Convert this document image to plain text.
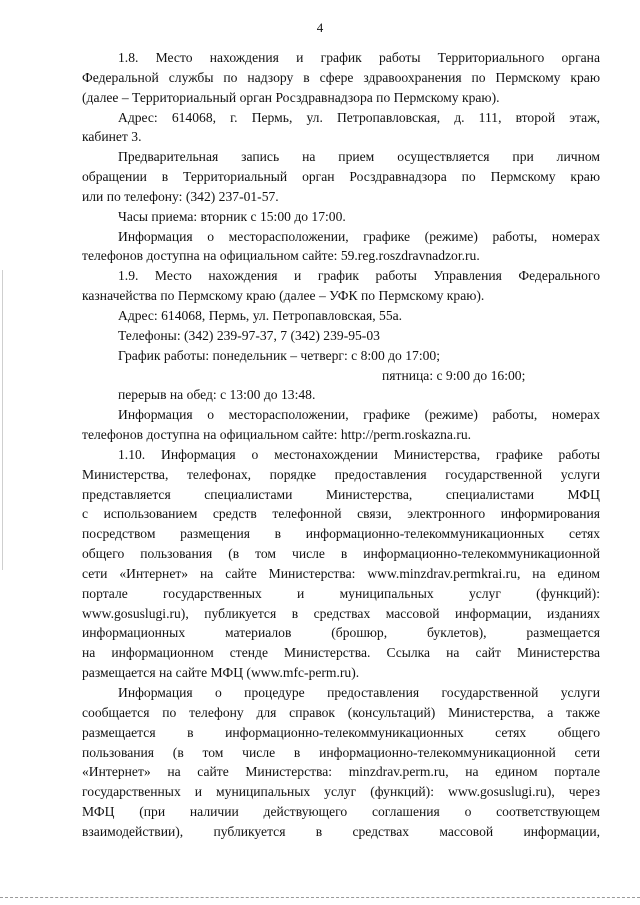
4
1.8. Место нахождения и график работы Территориального органа
Федеральной службы по надзору в сфере здравоохранения по Пермскому краю
(далее – Территориальный орган Росздравнадзора по Пермскому краю).
Адрес: 614068, г. Пермь, ул. Петропавловская, д. 111, второй этаж,
кабинет 3.
Предварительная запись на прием осуществляется при личном
обращении в Территориальный орган Росздравнадзора по Пермскому краю
или по телефону: (342) 237-01-57.
Часы приема: вторник с 15:00 до 17:00.
Информация о месторасположении, графике (режиме) работы, номерах
телефонов доступна на официальном сайте: 59.reg.roszdravnadzor.ru.
1.9. Место нахождения и график работы Управления Федерального
казначейства по Пермскому краю (далее – УФК по Пермскому краю).
Адрес: 614068, Пермь, ул. Петропавловская, 55а.
Телефоны: (342) 239-97-37, 7 (342) 239-95-03
График работы: понедельник – четверг: с 8:00 до 17:00;
пятница: с 9:00 до 16:00;
перерыв на обед: с 13:00 до 13:48.
Информация о месторасположении, графике (режиме) работы, номерах
телефонов доступна на официальном сайте: http://perm.roskazna.ru.
1.10. Информация о местонахождении Министерства, графике работы
Министерства, телефонах, порядке предоставления государственной услуги
представляется специалистами Министерства, специалистами МФЦ
с использованием средств телефонной связи, электронного информирования
посредством размещения в информационно-телекоммуникационных сетях
общего пользования (в том числе в информационно-телекоммуникационной
сети «Интернет» на сайте Министерства: www.minzdrav.permkrai.ru, на едином
портале государственных и муниципальных услуг (функций):
www.gosuslugi.ru), публикуется в средствах массовой информации, изданиях
информационных материалов (брошюр, буклетов), размещается
на информационном стенде Министерства. Ссылка на сайт Министерства
размещается на сайте МФЦ (www.mfc-perm.ru).
Информация о процедуре предоставления государственной услуги
сообщается по телефону для справок (консультаций) Министерства, а также
размещается в информационно-телекоммуникационных сетях общего
пользования (в том числе в информационно-телекоммуникационной сети
«Интернет» на сайте Министерства: minzdrav.perm.ru, на едином портале
государственных и муниципальных услуг (функций): www.gosuslugi.ru), через
МФЦ (при наличии действующего соглашения о соответствующем
взаимодействии), публикуется в средствах массовой информации,
